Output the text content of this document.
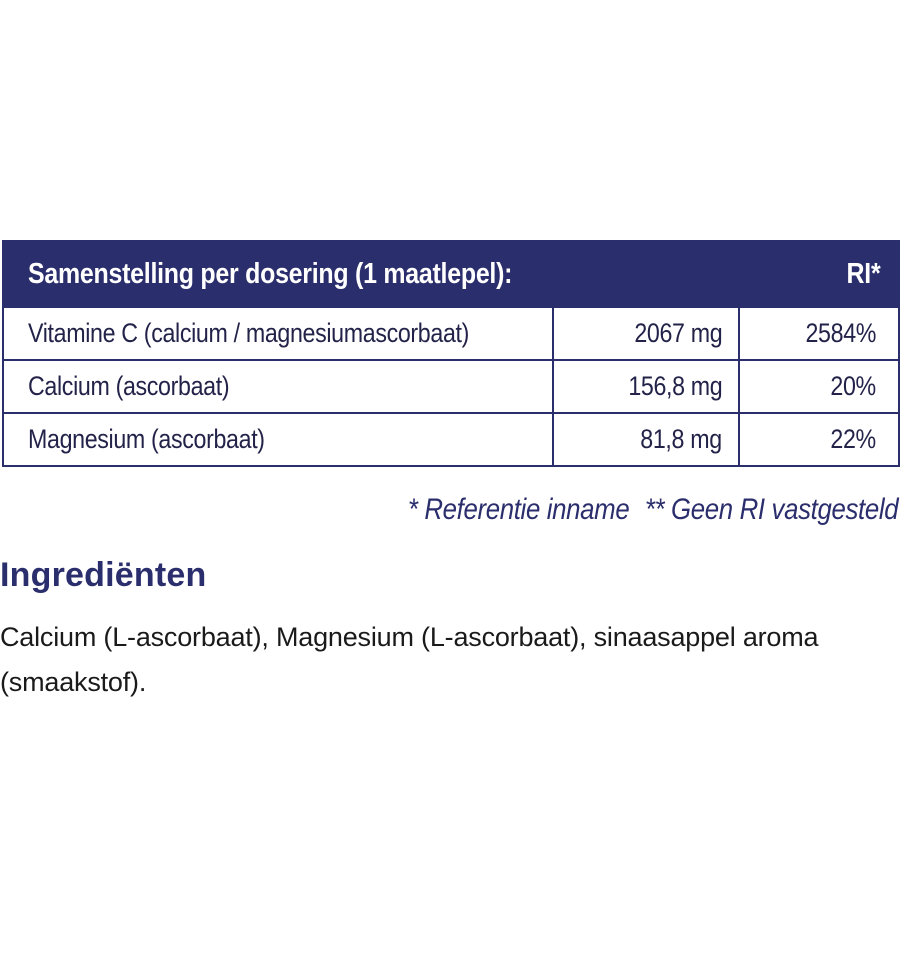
Samenstelling per dosering (1 maatlepel):		RI*
Vitamine C (calcium / magnesiumascorbaat)	2067 mg	2584%
Calcium (ascorbaat)	156,8 mg	20%
Magnesium (ascorbaat)	81,8 mg	22%
* Referentie inname ** Geen RI vastgesteld
Ingrediënten
Calcium (L-ascorbaat), Magnesium (L-ascorbaat), sinaasappel aroma (smaakstof).
